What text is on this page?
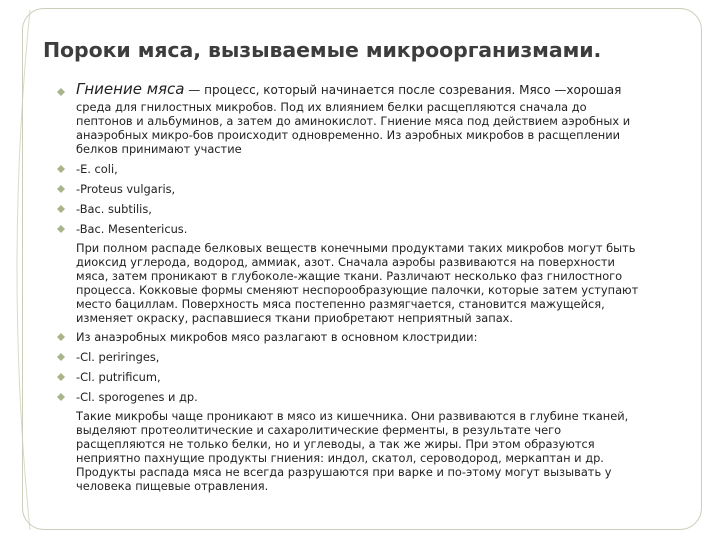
Пороки мяса, вызываемые микроорганизмами.

Гниение мяса — процесс, который начинается после созревания. Мясо —хорошая

среда для гнилостных микробов. Под их влиянием белки расщепляются сначала до

пептонов и альбуминов, а затем до аминокислот. Гниение мяса под действием аэробных и

анаэробных микро-бов происходит одновременно. Из аэробных микробов в расщеплении

белков принимают участие

-E. coli,

-Proteus vulgaris,

-Bac. subtilis,

-Bac. Mesentericus.

При полном распаде белковых веществ конечными продуктами таких микробов могут быть

диоксид углерода, водород, аммиак, азот. Сначала аэробы развиваются на поверхности

мяса, затем проникают в глубоколе-жащие ткани. Различают несколько фаз гнилостного

процесса. Кокковые формы сменяют неспорообразующие палочки, которые затем уступают

место бациллам. Поверхность мяса постепенно размягчается, становится мажущейся,

изменяет окраску, распавшиеся ткани приобретают неприятный запах.

Из анаэробных микробов мясо разлагают в основном клостридии:

-Cl. periringes,

-Cl. putrificum,

-Cl. sporogenes и др.

Такие микробы чаще проникают в мясо из кишечника. Они развиваются в глубине тканей,

выделяют протеолитические и сахаролитические ферменты, в результате чего

расщепляются не только белки, но и углеводы, а так же жиры. При этом образуются

неприятно пахнущие продукты гниения: индол, скатол, сероводород, меркаптан и др.

Продукты распада мяса не всегда разрушаются при варке и по-этому могут вызывать у

человека пищевые отравления.
